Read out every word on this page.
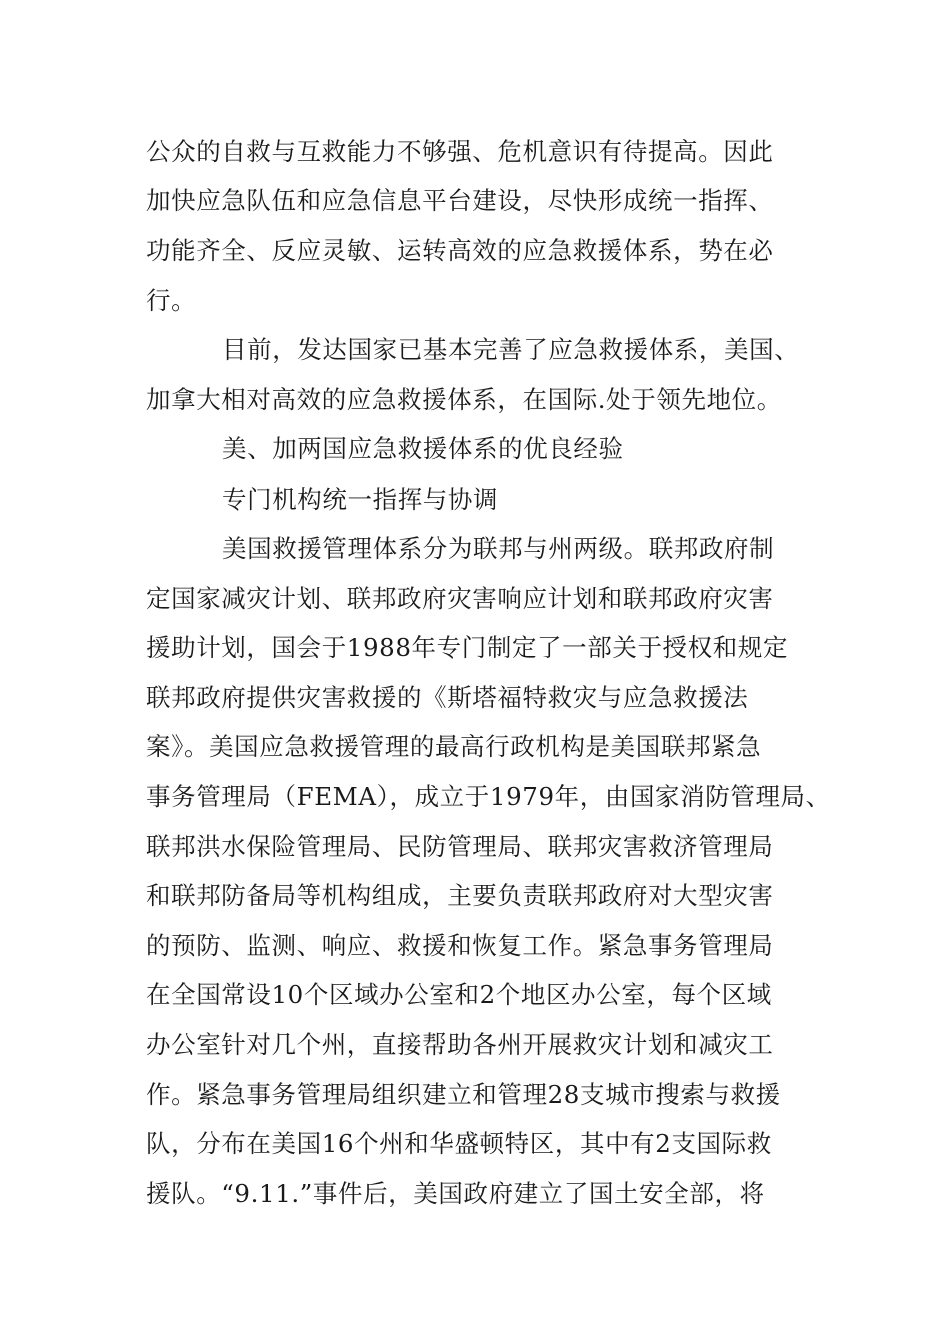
公众的自救与互救能力不够强、危机意识有待提高。因此
加快应急队伍和应急信息平台建设，尽快形成统一指挥、
功能齐全、反应灵敏、运转高效的应急救援体系，势在必
行。
目前，发达国家已基本完善了应急救援体系，美国、
加拿大相对高效的应急救援体系，在国际.处于领先地位。
美、加两国应急救援体系的优良经验
专门机构统一指挥与协调
美国救援管理体系分为联邦与州两级。联邦政府制
定国家减灾计划、联邦政府灾害响应计划和联邦政府灾害
援助计划，国会于1988年专门制定了一部关于授权和规定
联邦政府提供灾害救援的《斯塔福特救灾与应急救援法
案》。美国应急救援管理的最高行政机构是美国联邦紧急
事务管理局（FEMA），成立于1979年，由国家消防管理局、
联邦洪水保险管理局、民防管理局、联邦灾害救济管理局
和联邦防备局等机构组成，主要负责联邦政府对大型灾害
的预防、监测、响应、救援和恢复工作。紧急事务管理局
在全国常设10个区域办公室和2个地区办公室，每个区域
办公室针对几个州，直接帮助各州开展救灾计划和减灾工
作。紧急事务管理局组织建立和管理28支城市搜索与救援
队，分布在美国16个州和华盛顿特区，其中有2支国际救
援队。“9.11.”事件后，美国政府建立了国土安全部，将
